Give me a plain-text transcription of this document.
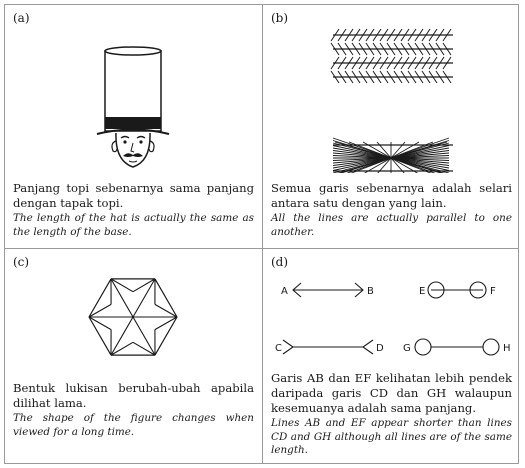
(a)
Panjang topi sebenarnya sama panjang dengan tapak topi.
The length of the hat is actually the same as the length of the base.
(b)
Semua garis sebenarnya adalah selari antara satu dengan yang lain.
All the lines are actually parallel to one another.
(c)
Bentuk lukisan berubah-ubah apabila dilihat lama.
The shape of the figure changes when viewed for a long time.
(d)
A	B	E	F
C	D G	H
Garis AB dan EF kelihatan lebih pendek daripada garis CD dan GH walaupun kesemuanya adalah sama panjang.
Lines AB and EF appear shorter than lines CD and GH although all lines are of the same length.
